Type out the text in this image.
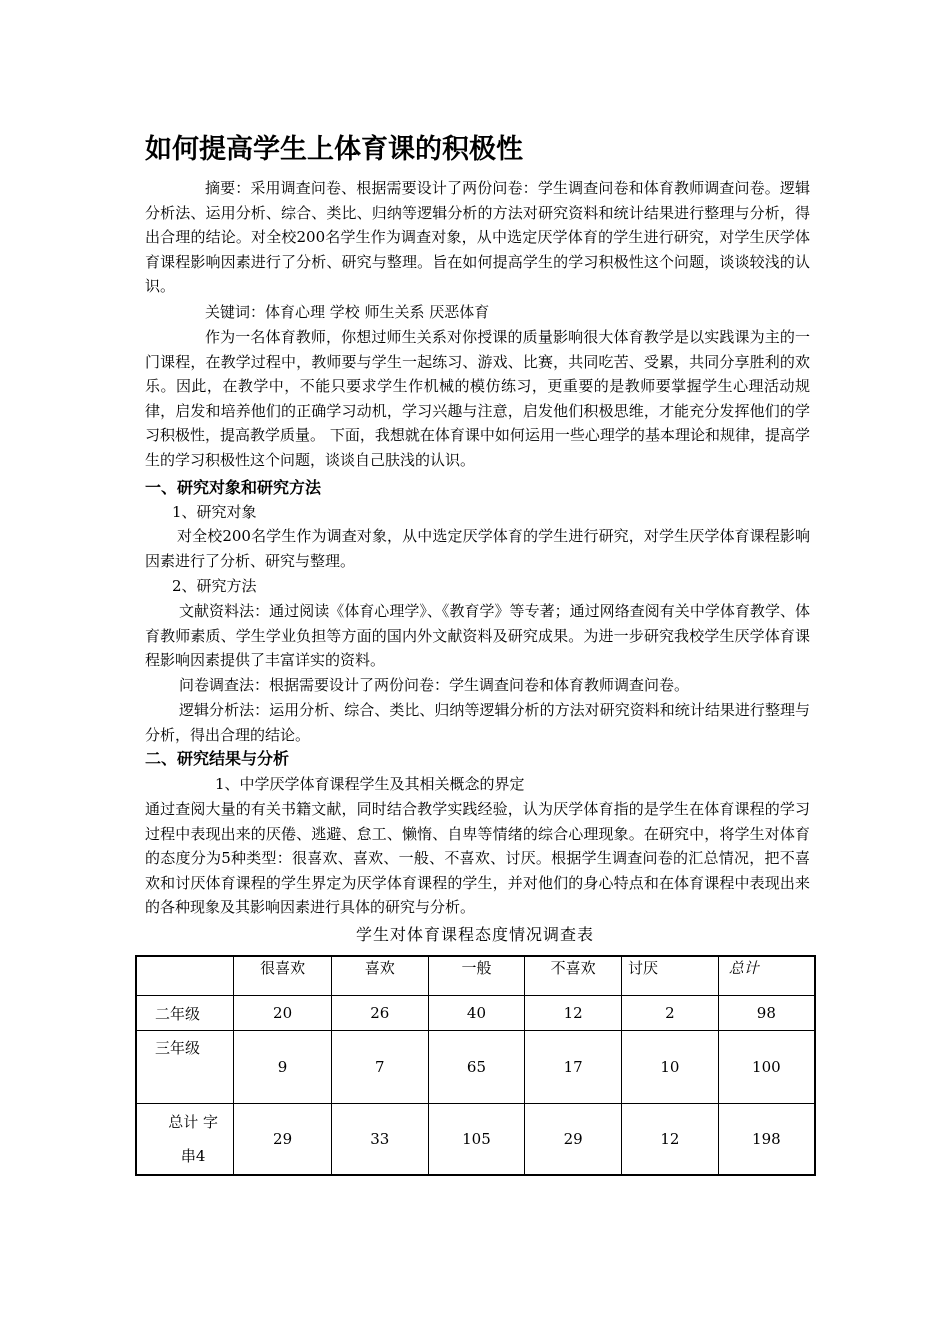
如何提高学生上体育课的积极性

摘要：采用调查问卷、根据需要设计了两份问卷：学生调查问卷和体育教师调查问卷。逻辑分析法、运用分析、综合、类比、归纳等逻辑分析的方法对研究资料和统计结果进行整理与分析，得出合理的结论。对全校200名学生作为调查对象，从中选定厌学体育的学生进行研究，对学生厌学体育课程影响因素进行了分析、研究与整理。旨在如何提高学生的学习积极性这个问题，谈谈较浅的认识。

关键词：体育心理 学校 师生关系 厌恶体育

作为一名体育教师，你想过师生关系对你授课的质量影响很大体育教学是以实践课为主的一门课程，在教学过程中，教师要与学生一起练习、游戏、比赛，共同吃苦、受累，共同分享胜利的欢乐。因此，在教学中，不能只要求学生作机械的模仿练习，更重要的是教师要掌握学生心理活动规律，启发和培养他们的正确学习动机，学习兴趣与注意，启发他们积极思维，才能充分发挥他们的学习积极性，提高教学质量。 下面，我想就在体育课中如何运用一些心理学的基本理论和规律，提高学生的学习积极性这个问题，谈谈自己肤浅的认识。

一、研究对象和研究方法

1、研究对象

对全校200名学生作为调查对象，从中选定厌学体育的学生进行研究，对学生厌学体育课程影响因素进行了分析、研究与整理。

2、研究方法

文献资料法：通过阅读《体育心理学》、《教育学》等专著；通过网络查阅有关中学体育教学、体育教师素质、学生学业负担等方面的国内外文献资料及研究成果。为进一步研究我校学生厌学体育课程影响因素提供了丰富详实的资料。

问卷调查法：根据需要设计了两份问卷：学生调查问卷和体育教师调查问卷。

逻辑分析法：运用分析、综合、类比、归纳等逻辑分析的方法对研究资料和统计结果进行整理与分析，得出合理的结论。

二、研究结果与分析

1、中学厌学体育课程学生及其相关概念的界定

通过查阅大量的有关书籍文献，同时结合教学实践经验，认为厌学体育指的是学生在体育课程的学习过程中表现出来的厌倦、逃避、怠工、懒惰、自卑等情绪的综合心理现象。在研究中，将学生对体育的态度分为5种类型：很喜欢、喜欢、一般、不喜欢、讨厌。根据学生调查问卷的汇总情况，把不喜欢和讨厌体育课程的学生界定为厌学体育课程的学生，并对他们的身心特点和在体育课程中表现出来的各种现象及其影响因素进行具体的研究与分析。

学生对体育课程态度情况调查表
	很喜欢	喜欢	一般	不喜欢	讨厌	总计
二年级	20	26	40	12	2	98
三年级	9	7	65	17	10	100

总计 字
串4	29	33	105	29	12	198
